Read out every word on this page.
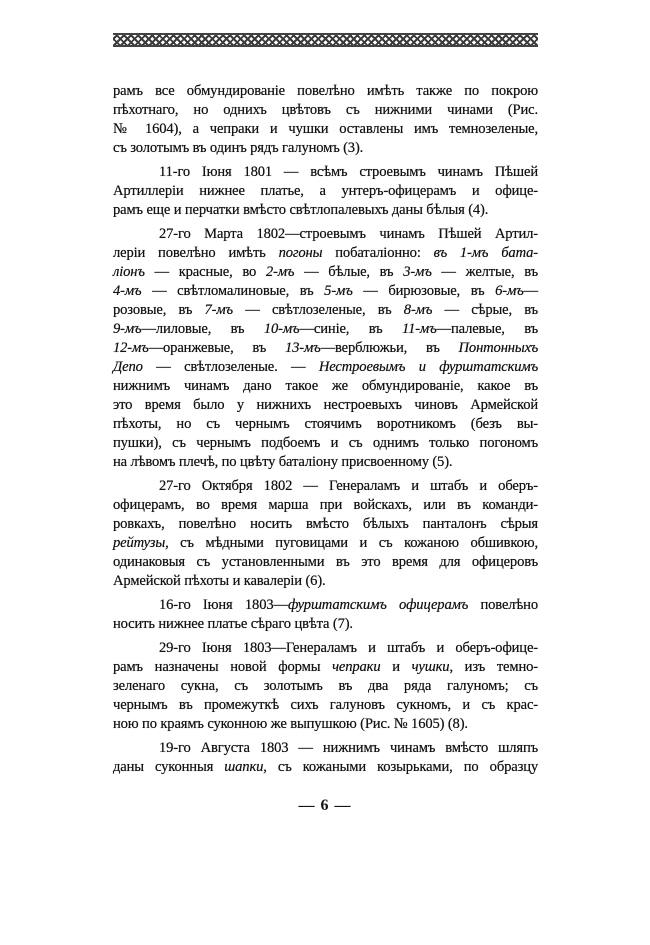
рамъ все обмундированіе повелѣно имѣть также по покрою
пѣхотнаго, но однихъ цвѣтовъ съ нижними чинами (Рис.
№ 1604), а чепраки и чушки оставлены имъ темнозеленые,
съ золотымъ въ одинъ рядъ галуномъ (3).
11-го Іюня 1801 — всѣмъ строевымъ чинамъ Пѣшей
Артиллеріи нижнее платье, а унтеръ-офицерамъ и офице-
рамъ еще и перчатки вмѣсто свѣтлопалевыхъ даны бѣлыя (4).
27-го Марта 1802—строевымъ чинамъ Пѣшей Артил-
леріи повелѣно имѣть погоны побаталіонно: въ 1-мъ бата-
ліонъ — красные, во 2-мъ — бѣлые, въ 3-мъ — желтые, въ
4-мъ — свѣтломалиновые, въ 5-мъ — бирюзовые, въ 6-мъ—
розовые, въ 7-мъ — свѣтлозеленые, въ 8-мъ — сѣрые, въ
9-мъ—лиловые, въ 10-мъ—синіе, въ 11-мъ—палевые, въ
12-мъ—оранжевые, въ 13-мъ—верблюжьи, въ Понтонныхъ
Депо — свѣтлозеленые. — Нестроевымъ и фурштатскимъ
нижнимъ чинамъ дано такое же обмундированіе, какое въ
это время было у нижнихъ нестроевыхъ чиновъ Армейской
пѣхоты, но съ чернымъ стоячимъ воротникомъ (безъ вы-
пушки), съ чернымъ подбоемъ и съ однимъ только погономъ
на лѣвомъ плечѣ, по цвѣту баталіону присвоенному (5).
27-го Октября 1802 — Генераламъ и штабъ и оберъ-
офицерамъ, во время марша при войскахъ, или въ команди-
ровкахъ, повелѣно носить вмѣсто бѣлыхъ панталонъ сѣрыя
рейтузы, съ мѣдными пуговицами и съ кожаною обшивкою,
одинаковыя съ установленными въ это время для офицеровъ
Армейской пѣхоты и кавалеріи (6).
16-го Іюня 1803—фурштатскимъ офицерамъ повелѣно
носить нижнее платье сѣраго цвѣта (7).
29-го Іюня 1803—Генераламъ и штабъ и оберъ-офице-
рамъ назначены новой формы чепраки и чушки, изъ темно-
зеленаго сукна, съ золотымъ въ два ряда галуномъ; съ
чернымъ въ промежуткѣ сихъ галуновъ сукномъ, и съ крас-
ною по краямъ суконною же выпушкою (Рис. № 1605) (8).
19-го Августа 1803 — нижнимъ чинамъ вмѣсто шляпъ
даны суконныя шапки, съ кожаными козырьками, по образцу
— 6 —
